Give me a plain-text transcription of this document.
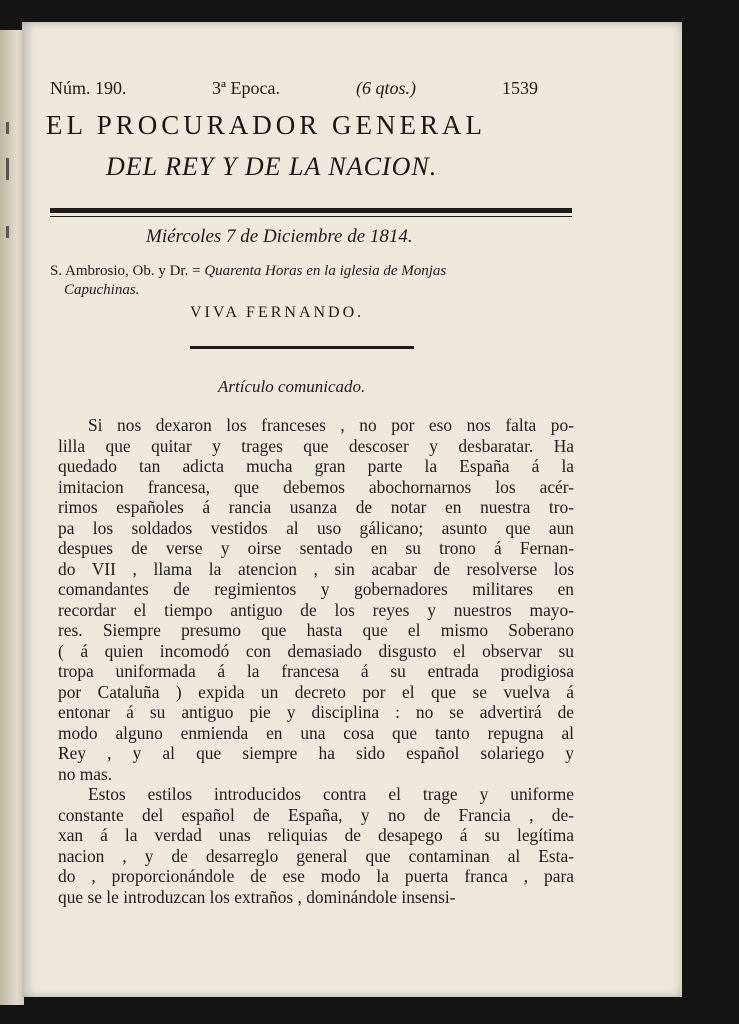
Núm. 190.	3ª Epoca.	(6 qtos.)	1539
EL PROCURADOR GENERAL
DEL REY Y DE LA NACION.
Miércoles 7 de Diciembre de 1814.
S. Ambrosio, Ob. y Dr. = Quarenta Horas en la iglesia de Monjas
Capuchinas.
VIVA FERNANDO.
Artículo comunicado.
Si nos dexaron los franceses , no por eso nos falta po-
lilla que quitar y trages que descoser y desbaratar. Ha
quedado tan adicta mucha gran parte la España á la
imitacion francesa, que debemos abochornarnos los acér-
rimos españoles á rancia usanza de notar en nuestra tro-
pa los soldados vestidos al uso gálicano; asunto que aun
despues de verse y oirse sentado en su trono á Fernan-
do VII , llama la atencion , sin acabar de resolverse los
comandantes de regimientos y gobernadores militares en
recordar el tiempo antiguo de los reyes y nuestros mayo-
res. Siempre presumo que hasta que el mismo Soberano
( á quien incomodó con demasiado disgusto el observar su
tropa uniformada á la francesa á su entrada prodigiosa
por Cataluña ) expida un decreto por el que se vuelva á
entonar á su antiguo pie y disciplina : no se advertirá de
modo alguno enmienda en una cosa que tanto repugna al
Rey , y al que siempre ha sido español solariego y
no mas.
Estos estilos introducidos contra el trage y uniforme
constante del español de España, y no de Francia , de-
xan á la verdad unas reliquias de desapego á su legítima
nacion , y de desarreglo general que contaminan al Esta-
do , proporcionándole de ese modo la puerta franca , para
que se le introduzcan los extraños , dominándole insensi-
